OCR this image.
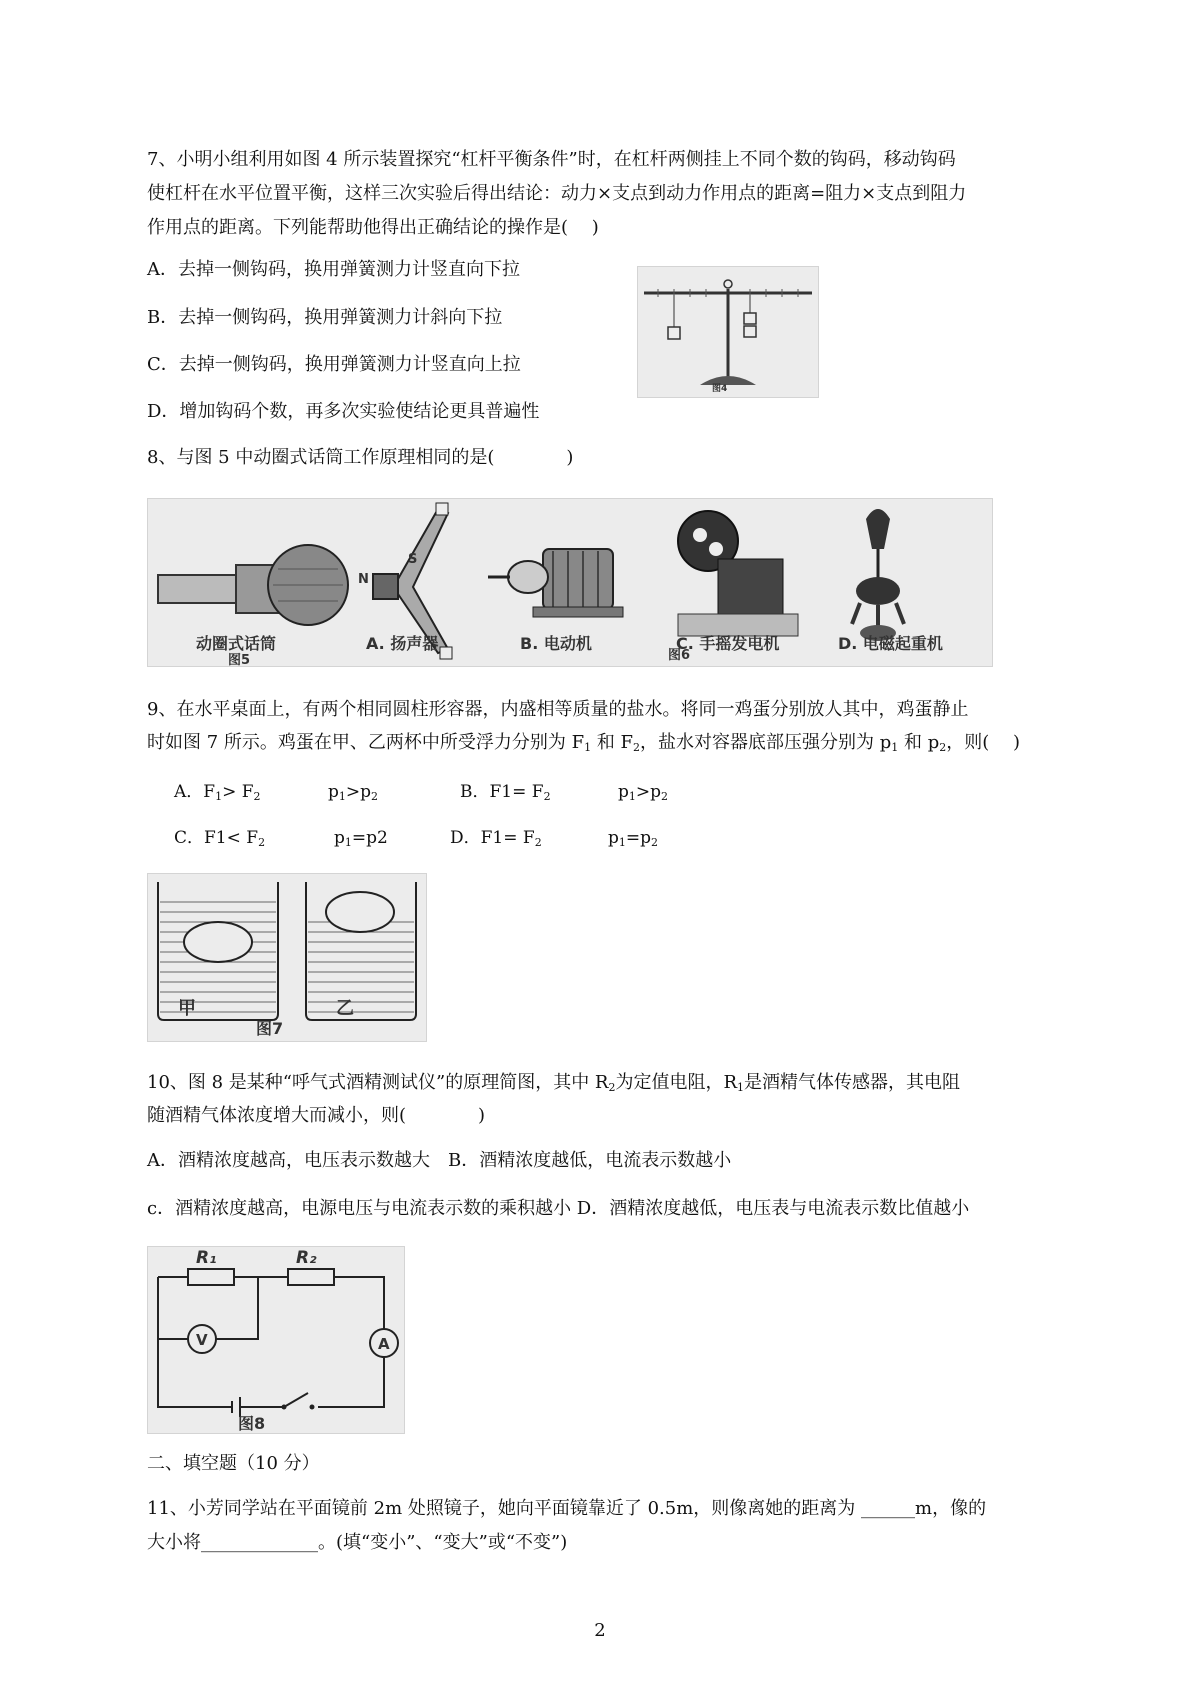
7、小明小组利用如图 4 所示装置探究“杠杆平衡条件”时，在杠杆两侧挂上不同个数的钩码，移动钩码
使杠杆在水平位置平衡，这样三次实验后得出结论：动力×支点到动力作用点的距离=阻力×支点到阻力
作用点的距离。下列能帮助他得出正确结论的操作是(　 )
A．去掉一侧钩码，换用弹簧测力计竖直向下拉
B．去掉一侧钩码，换用弹簧测力计斜向下拉
C．去掉一侧钩码，换用弹簧测力计竖直向上拉
D．增加钩码个数，再多次实验使结论更具普遍性
图4
8、与图 5 中动圈式话筒工作原理相同的是(　　　　)
N
S
动圈式话筒	A. 扬声器	B. 电动机	C. 手摇发电机	D. 电磁起重机
图5	图6
9、在水平桌面上，有两个相同圆柱形容器，内盛相等质量的盐水。将同一鸡蛋分别放人其中，鸡蛋静止
时如图 7 所示。鸡蛋在甲、乙两杯中所受浮力分别为 $F_1$ 和 $F_2$，盐水对容器底部压强分别为 $p_1$ 和 $p_2$，则(　 )
A．$F_1> F_2$	$p_1>p_2$	B．$F1= F_2$	$p_1>p_2$
C．$F1< F_2$	$p_1=p2$	D．$F1= F_2$	$p_1=p_2$
甲	乙
图7
10、图 8 是某种“呼气式酒精测试仪”的原理简图，其中 $R_2$为定值电阻，$R_1$是酒精气体传感器，其电阻
随酒精气体浓度增大而减小，则(　　　　)
A．酒精浓度越高，电压表示数越大　B．酒精浓度越低，电流表示数越小
c．酒精浓度越高，电源电压与电流表示数的乘积越小 D．酒精浓度越低，电压表与电流表示数比值越小
R₁	R₂
V	A
图8
二、填空题（10 分）
11、小芳同学站在平面镜前 2m 处照镜子，她向平面镜靠近了 0.5m，则像离她的距离为 ______m，像的
大小将_____________。(填“变小”、“变大”或“不变”)
2
